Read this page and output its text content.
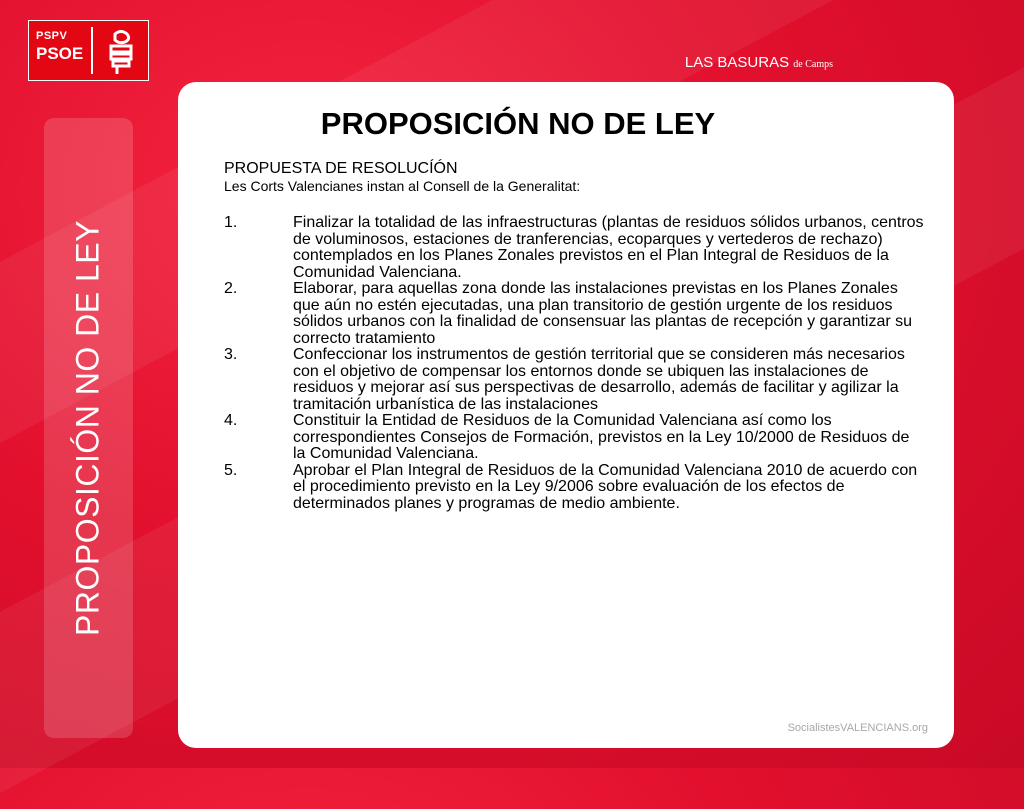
PSPV
PSOE	LAS BASURAS de Camps
PROPOSICIÓN NO DE LEY
PROPOSICIÓN NO DE LEY
PROPUESTA DE RESOLUCÍÓN
Les Corts Valencianes instan al Consell de la Generalitat:
1.	Finalizar la totalidad de las infraestructuras (plantas de residuos sólidos urbanos, centros de voluminosos, estaciones de tranferencias, ecoparques y vertederos de rechazo) contemplados en los Planes Zonales previstos en el Plan Integral de Residuos de la Comunidad Valenciana.
2.	Elaborar, para aquellas zona donde las instalaciones previstas en los Planes Zonales que aún no estén ejecutadas, una plan transitorio de gestión urgente de los residuos sólidos urbanos con la finalidad de consensuar las plantas de recepción y garantizar su correcto tratamiento
3.	Confeccionar los instrumentos de gestión territorial que se consideren más necesarios con el objetivo de compensar los entornos donde se ubiquen las instalaciones de residuos y mejorar así sus perspectivas de desarrollo, además de facilitar y agilizar la tramitación urbanística de las instalaciones
4.	Constituir la Entidad de Residuos de la Comunidad Valenciana así como los correspondientes Consejos de Formación, previstos en la Ley 10/2000 de Residuos de la Comunidad Valenciana.
5.	Aprobar el Plan Integral de Residuos de la Comunidad Valenciana 2010 de acuerdo con el procedimiento previsto en la Ley 9/2006 sobre evaluación de los efectos de determinados planes y programas de medio ambiente.
SocialistesVALENCIANS.org
